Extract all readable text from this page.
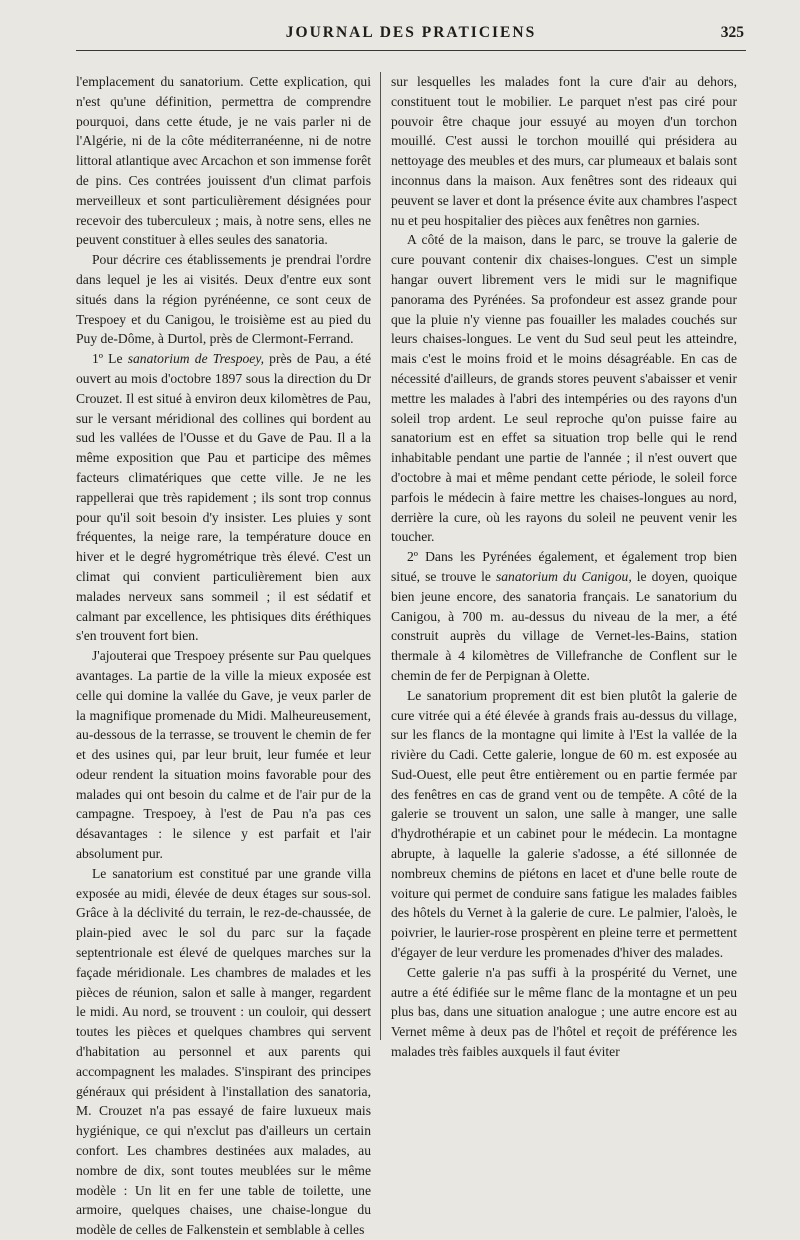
JOURNAL DES PRATICIENS	325

l'emplacement du sanatorium. Cette explication, qui n'est qu'une définition, permettra de comprendre pourquoi, dans cette étude, je ne vais parler ni de l'Algérie, ni de la côte méditerranéenne, ni de notre littoral atlantique avec Arcachon et son immense forêt de pins. Ces contrées jouissent d'un climat parfois merveilleux et sont particulièrement désignées pour recevoir des tuberculeux ; mais, à notre sens, elles ne peuvent constituer à elles seules des sanatoria.

Pour décrire ces établissements je prendrai l'ordre dans lequel je les ai visités. Deux d'entre eux sont situés dans la région pyrénéenne, ce sont ceux de Trespoey et du Canigou, le troisième est au pied du Puy de-Dôme, à Durtol, près de Clermont-Ferrand.

1º Le sanatorium de Trespoey, près de Pau, a été ouvert au mois d'octobre 1897 sous la direction du Dr Crouzet. Il est situé à environ deux kilomètres de Pau, sur le versant méridional des collines qui bordent au sud les vallées de l'Ousse et du Gave de Pau. Il a la même exposition que Pau et participe des mêmes facteurs climatériques que cette ville. Je ne les rappellerai que très rapidement ; ils sont trop connus pour qu'il soit besoin d'y insister. Les pluies y sont fréquentes, la neige rare, la température douce en hiver et le degré hygrométrique très élevé. C'est un climat qui convient particulièrement bien aux malades nerveux sans sommeil ; il est sédatif et calmant par excellence, les phtisiques dits éréthiques s'en trouvent fort bien.

J'ajouterai que Trespoey présente sur Pau quelques avantages. La partie de la ville la mieux exposée est celle qui domine la vallée du Gave, je veux parler de la magnifique promenade du Midi. Malheureusement, au-dessous de la terrasse, se trouvent le chemin de fer et des usines qui, par leur bruit, leur fumée et leur odeur rendent la situation moins favorable pour des malades qui ont besoin du calme et de l'air pur de la campagne. Trespoey, à l'est de Pau n'a pas ces désavantages : le silence y est parfait et l'air absolument pur.

Le sanatorium est constitué par une grande villa exposée au midi, élevée de deux étages sur sous-sol. Grâce à la déclivité du terrain, le rez-de-chaussée, de plain-pied avec le sol du parc sur la façade septentrionale est élevé de quelques marches sur la façade méridionale. Les chambres de malades et les pièces de réunion, salon et salle à manger, regardent le midi. Au nord, se trouvent : un couloir, qui dessert toutes les pièces et quelques chambres qui servent d'habitation au personnel et aux parents qui accompagnent les malades. S'inspirant des principes généraux qui président à l'installation des sanatoria, M. Crouzet n'a pas essayé de faire luxueux mais hygiénique, ce qui n'exclut pas d'ailleurs un certain confort. Les chambres destinées aux malades, au nombre de dix, sont toutes meublées sur le même modèle : Un lit en fer une table de toilette, une armoire, quelques chaises, une chaise-longue du modèle de celles de Falkenstein et semblable à celles

sur lesquelles les malades font la cure d'air au dehors, constituent tout le mobilier. Le parquet n'est pas ciré pour pouvoir être chaque jour essuyé au moyen d'un torchon mouillé. C'est aussi le torchon mouillé qui présidera au nettoyage des meubles et des murs, car plumeaux et balais sont inconnus dans la maison. Aux fenêtres sont des rideaux qui peuvent se laver et dont la présence évite aux chambres l'aspect nu et peu hospitalier des pièces aux fenêtres non garnies.

A côté de la maison, dans le parc, se trouve la galerie de cure pouvant contenir dix chaises-longues. C'est un simple hangar ouvert librement vers le midi sur le magnifique panorama des Pyrénées. Sa profondeur est assez grande pour que la pluie n'y vienne pas fouailler les malades couchés sur leurs chaises-longues. Le vent du Sud seul peut les atteindre, mais c'est le moins froid et le moins désagréable. En cas de nécessité d'ailleurs, de grands stores peuvent s'abaisser et venir mettre les malades à l'abri des intempéries ou des rayons d'un soleil trop ardent. Le seul reproche qu'on puisse faire au sanatorium est en effet sa situation trop belle qui le rend inhabitable pendant une partie de l'année ; il n'est ouvert que d'octobre à mai et même pendant cette période, le soleil force parfois le médecin à faire mettre les chaises-longues au nord, derrière la cure, où les rayons du soleil ne peuvent venir les toucher.

2º Dans les Pyrénées également, et également trop bien situé, se trouve le sanatorium du Canigou, le doyen, quoique bien jeune encore, des sanatoria français. Le sanatorium du Canigou, à 700 m. au-dessus du niveau de la mer, a été construit auprès du village de Vernet-les-Bains, station thermale à 4 kilomètres de Villefranche de Conflent sur le chemin de fer de Perpignan à Olette.

Le sanatorium proprement dit est bien plutôt la galerie de cure vitrée qui a été élevée à grands frais au-dessus du village, sur les flancs de la montagne qui limite à l'Est la vallée de la rivière du Cadi. Cette galerie, longue de 60 m. est exposée au Sud-Ouest, elle peut être entièrement ou en partie fermée par des fenêtres en cas de grand vent ou de tempête. A côté de la galerie se trouvent un salon, une salle à manger, une salle d'hydrothérapie et un cabinet pour le médecin. La montagne abrupte, à laquelle la galerie s'adosse, a été sillonnée de nombreux chemins de piétons en lacet et d'une belle route de voiture qui permet de conduire sans fatigue les malades faibles des hôtels du Vernet à la galerie de cure. Le palmier, l'aloès, le poivrier, le laurier-rose prospèrent en pleine terre et permettent d'égayer de leur verdure les promenades d'hiver des malades.

Cette galerie n'a pas suffi à la prospérité du Vernet, une autre a été édifiée sur le même flanc de la montagne et un peu plus bas, dans une situation analogue ; une autre encore est au Vernet même à deux pas de l'hôtel et reçoit de préférence les malades très faibles auxquels il faut éviter
